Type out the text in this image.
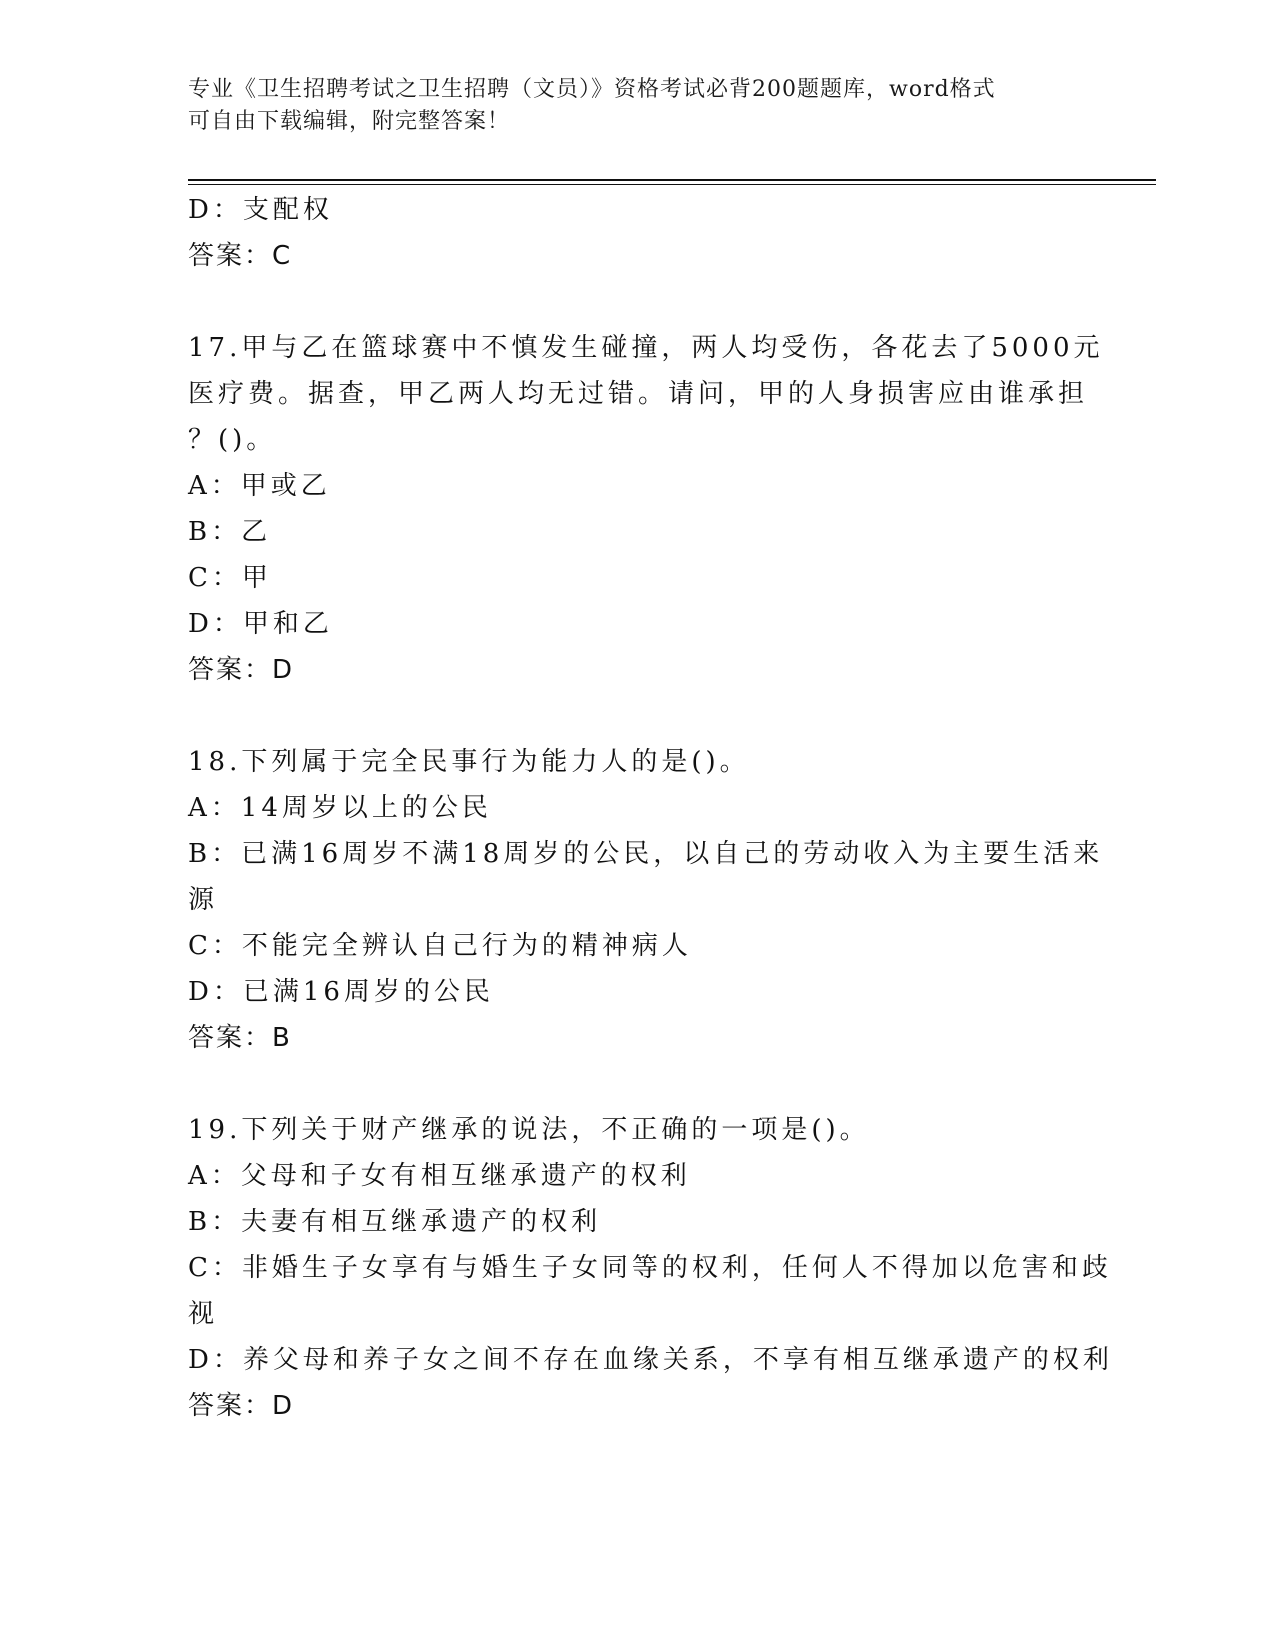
专业《卫生招聘考试之卫生招聘（文员）》资格考试必背200题题库，word格式
可自由下载编辑，附完整答案！
D：支配权
答案：C
17.甲与乙在篮球赛中不慎发生碰撞，两人均受伤，各花去了5000元
医疗费。据查，甲乙两人均无过错。请问，甲的人身损害应由谁承担
？()。
A：甲或乙
B：乙
C：甲
D：甲和乙
答案：D
18.下列属于完全民事行为能力人的是()。
A：14周岁以上的公民
B：已满16周岁不满18周岁的公民，以自己的劳动收入为主要生活来
源
C：不能完全辨认自己行为的精神病人
D：已满16周岁的公民
答案：B
19.下列关于财产继承的说法，不正确的一项是()。
A：父母和子女有相互继承遗产的权利
B：夫妻有相互继承遗产的权利
C：非婚生子女享有与婚生子女同等的权利，任何人不得加以危害和歧
视
D：养父母和养子女之间不存在血缘关系，不享有相互继承遗产的权利
答案：D
